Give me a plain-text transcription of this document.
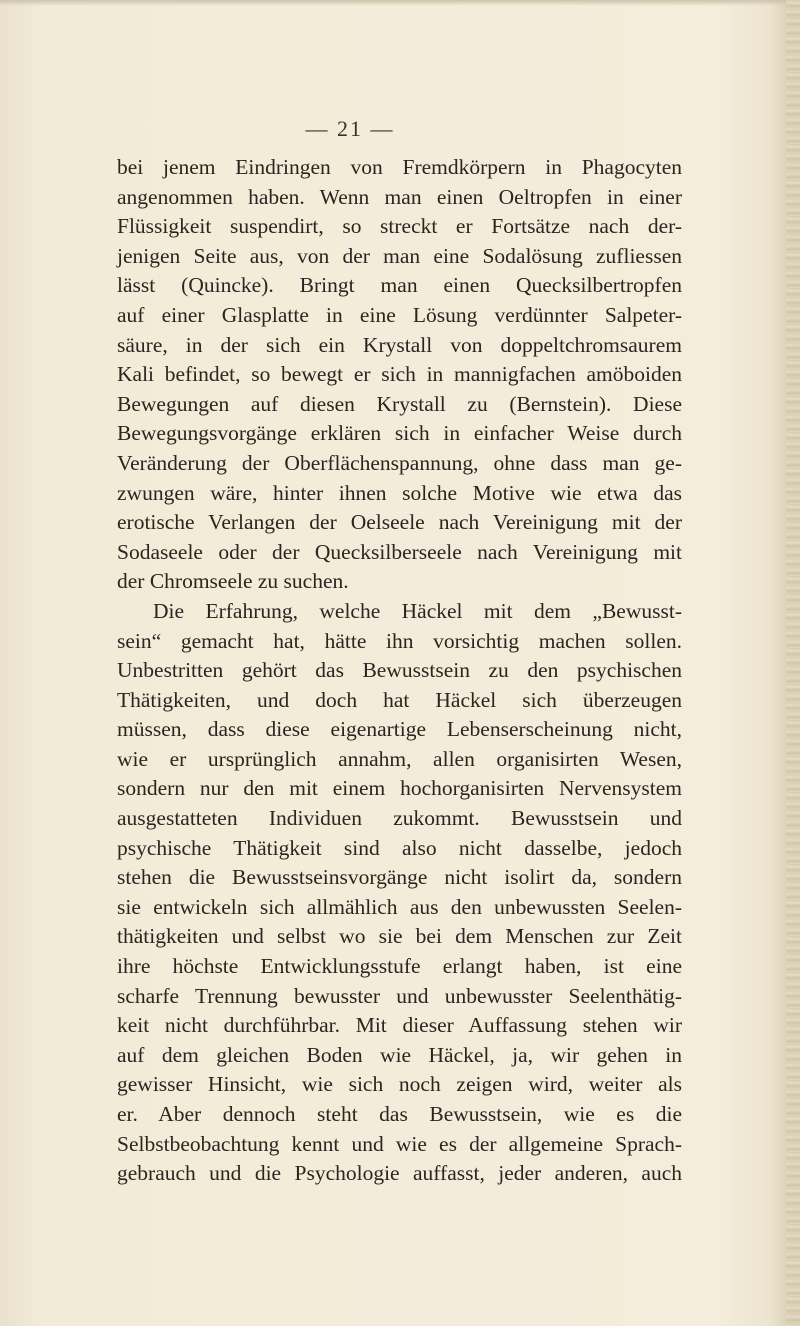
— 21 —
bei jenem Eindringen von Fremdkörpern in Phagocyten
angenommen haben. Wenn man einen Oeltropfen in einer
Flüssigkeit suspendirt, so streckt er Fortsätze nach der-
jenigen Seite aus, von der man eine Sodalösung zufliessen
lässt (Quincke). Bringt man einen Quecksilbertropfen
auf einer Glasplatte in eine Lösung verdünnter Salpeter-
säure, in der sich ein Krystall von doppeltchromsaurem
Kali befindet, so bewegt er sich in mannigfachen amöboiden
Bewegungen auf diesen Krystall zu (Bernstein). Diese
Bewegungsvorgänge erklären sich in einfacher Weise durch
Veränderung der Oberflächenspannung, ohne dass man ge-
zwungen wäre, hinter ihnen solche Motive wie etwa das
erotische Verlangen der Oelseele nach Vereinigung mit der
Sodaseele oder der Quecksilberseele nach Vereinigung mit
der Chromseele zu suchen.
Die Erfahrung, welche Häckel mit dem „Bewusst-
sein“ gemacht hat, hätte ihn vorsichtig machen sollen.
Unbestritten gehört das Bewusstsein zu den psychischen
Thätigkeiten, und doch hat Häckel sich überzeugen
müssen, dass diese eigenartige Lebenserscheinung nicht,
wie er ursprünglich annahm, allen organisirten Wesen,
sondern nur den mit einem hochorganisirten Nervensystem
ausgestatteten Individuen zukommt. Bewusstsein und
psychische Thätigkeit sind also nicht dasselbe, jedoch
stehen die Bewusstseinsvorgänge nicht isolirt da, sondern
sie entwickeln sich allmählich aus den unbewussten Seelen-
thätigkeiten und selbst wo sie bei dem Menschen zur Zeit
ihre höchste Entwicklungsstufe erlangt haben, ist eine
scharfe Trennung bewusster und unbewusster Seelenthätig-
keit nicht durchführbar. Mit dieser Auffassung stehen wir
auf dem gleichen Boden wie Häckel, ja, wir gehen in
gewisser Hinsicht, wie sich noch zeigen wird, weiter als
er. Aber dennoch steht das Bewusstsein, wie es die
Selbstbeobachtung kennt und wie es der allgemeine Sprach-
gebrauch und die Psychologie auffasst, jeder anderen, auch
